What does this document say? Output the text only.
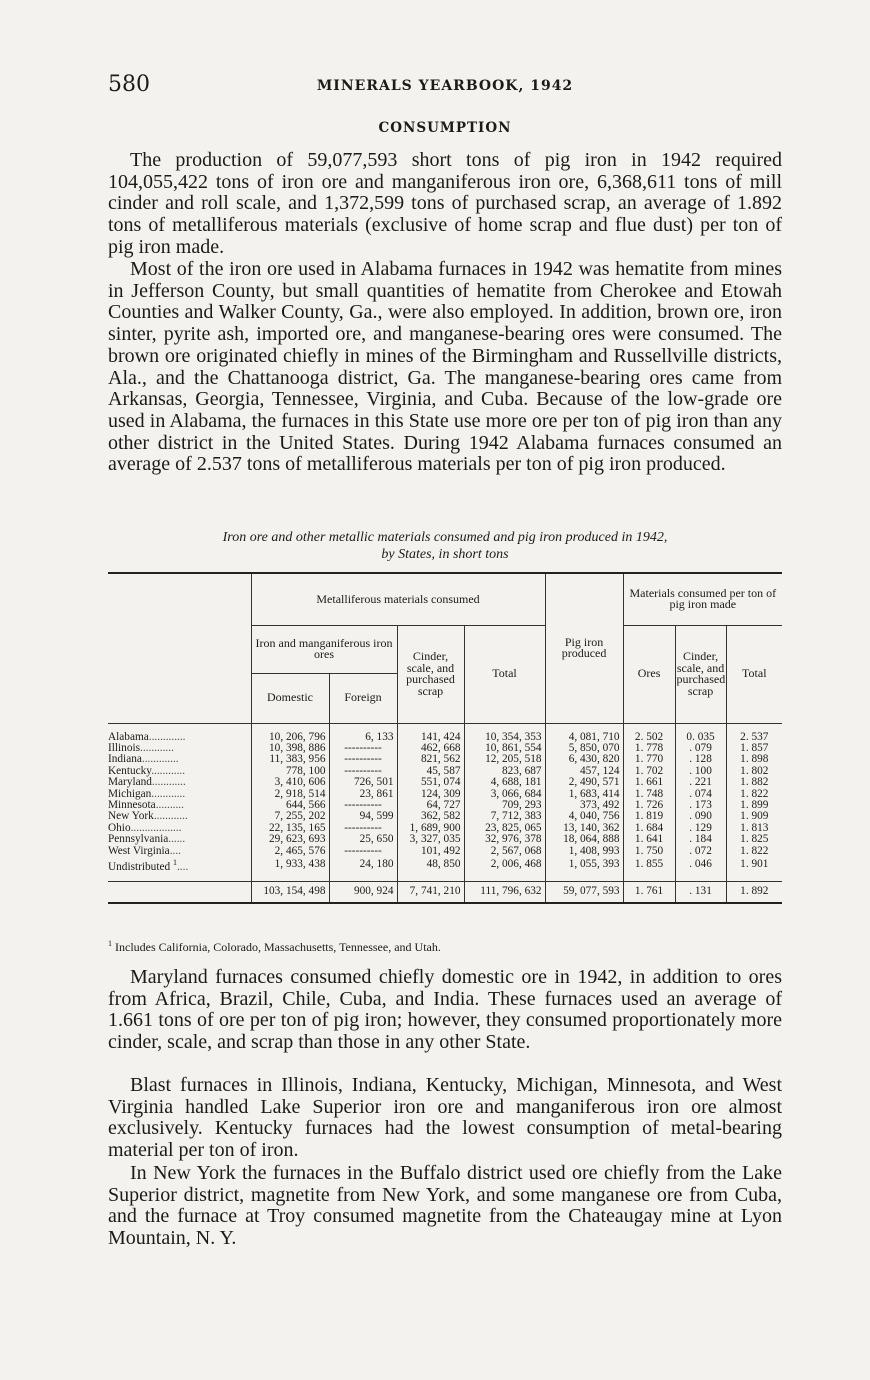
580	MINERALS YEARBOOK, 1942
CONSUMPTION

The production of 59,077,593 short tons of pig iron in 1942 required 104,055,422 tons of iron ore and manganiferous iron ore, 6,368,611 tons of mill cinder and roll scale, and 1,372,599 tons of purchased scrap, an average of 1.892 tons of metalliferous materials (exclusive of home scrap and flue dust) per ton of pig iron made.

Most of the iron ore used in Alabama furnaces in 1942 was hematite from mines in Jefferson County, but small quantities of hematite from Cherokee and Etowah Counties and Walker County, Ga., were also employed. In addition, brown ore, iron sinter, pyrite ash, imported ore, and manganese-bearing ores were consumed. The brown ore originated chiefly in mines of the Birmingham and Russellville districts, Ala., and the Chattanooga district, Ga. The manganese-bearing ores came from Arkansas, Georgia, Tennessee, Virginia, and Cuba. Because of the low-grade ore used in Alabama, the furnaces in this State use more ore per ton of pig iron than any other district in the United States. During 1942 Alabama furnaces consumed an average of 2.537 tons of metalliferous materials per ton of pig iron produced.

Iron ore and other metallic materials consumed and pig iron produced in 1942,
by States, in short tons
	Metalliferous materials consumed				Pig iron produced	Materials consumed per ton of pig iron made		
	Iron and manganiferous iron ores		Cinder, scale, and purchased scrap	Total		Ores	Cinder, scale, and purchased scrap	Total
	Domestic	Foreign						

Alabama.............	10, 206, 796	6, 133	141, 424	10, 354, 353	4, 081, 710	2. 502	0. 035	2. 537
Illinois............	10, 398, 886	----------	462, 668	10, 861, 554	5, 850, 070	1. 778	. 079	1. 857
Indiana.............	11, 383, 956	----------	821, 562	12, 205, 518	6, 430, 820	1. 770	. 128	1. 898
Kentucky............	778, 100	----------	45, 587	823, 687	457, 124	1. 702	. 100	1. 802
Maryland............	3, 410, 606	726, 501	551, 074	4, 688, 181	2, 490, 571	1. 661	. 221	1. 882
Michigan............	2, 918, 514	23, 861	124, 309	3, 066, 684	1, 683, 414	1. 748	. 074	1. 822
Minnesota..........	644, 566	----------	64, 727	709, 293	373, 492	1. 726	. 173	1. 899
New York............	7, 255, 202	94, 599	362, 582	7, 712, 383	4, 040, 756	1. 819	. 090	1. 909
Ohio..................	22, 135, 165	----------	1, 689, 900	23, 825, 065	13, 140, 362	1. 684	. 129	1. 813
Pennsylvania......	29, 623, 693	25, 650	3, 327, 035	32, 976, 378	18, 064, 888	1. 641	. 184	1. 825
West Virginia....	2, 465, 576	----------	101, 492	2, 567, 068	1, 408, 993	1. 750	. 072	1. 822
Undistributed $^1$....	1, 933, 438	24, 180	48, 850	2, 006, 468	1, 055, 393	1. 855	. 046	1. 901

	103, 154, 498	900, 924	7, 741, 210	111, 796, 632	59, 077, 593	1. 761	. 131	1. 892
$^1$ Includes California, Colorado, Massachusetts, Tennessee, and Utah.

Maryland furnaces consumed chiefly domestic ore in 1942, in addition to ores from Africa, Brazil, Chile, Cuba, and India. These furnaces used an average of 1.661 tons of ore per ton of pig iron; however, they consumed proportionately more cinder, scale, and scrap than those in any other State.

Blast furnaces in Illinois, Indiana, Kentucky, Michigan, Minnesota, and West Virginia handled Lake Superior iron ore and manganiferous iron ore almost exclusively. Kentucky furnaces had the lowest consumption of metal-bearing material per ton of iron.

In New York the furnaces in the Buffalo district used ore chiefly from the Lake Superior district, magnetite from New York, and some manganese ore from Cuba, and the furnace at Troy consumed magnetite from the Chateaugay mine at Lyon Mountain, N. Y.
